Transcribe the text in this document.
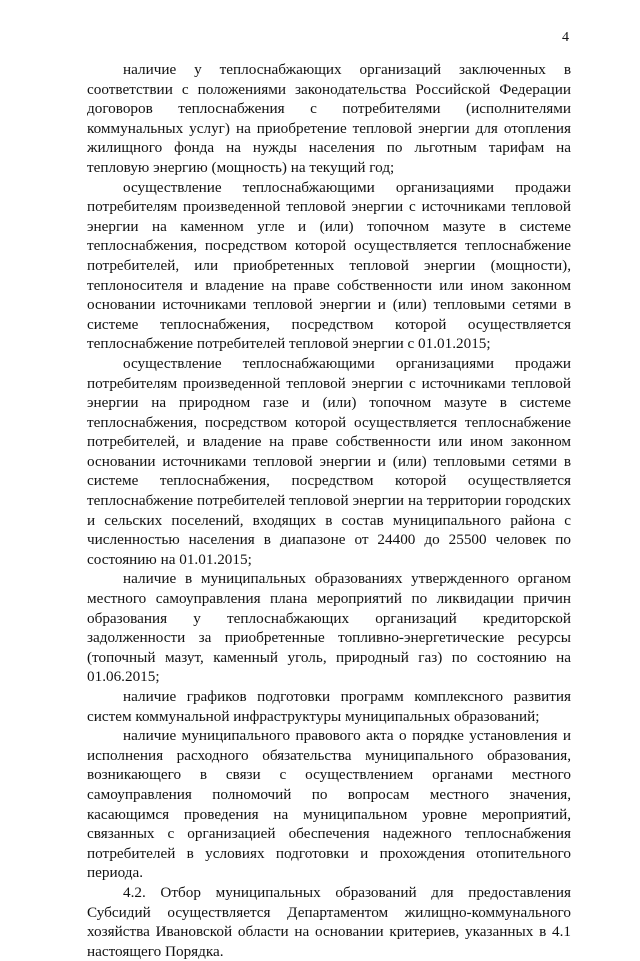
4

наличие у теплоснабжающих организаций заключенных в соответствии с положениями законодательства Российской Федерации договоров теплоснабжения с потребителями (исполнителями коммунальных услуг) на приобретение тепловой энергии для отопления жилищного фонда на нужды населения по льготным тарифам на тепловую энергию (мощность) на текущий год;

осуществление теплоснабжающими организациями продажи потребителям произведенной тепловой энергии с источниками тепловой энергии на каменном угле и (или) топочном мазуте в системе теплоснабжения, посредством которой осуществляется теплоснабжение потребителей, или приобретенных тепловой энергии (мощности), теплоносителя и владение на праве собственности или ином законном основании источниками тепловой энергии и (или) тепловыми сетями в системе теплоснабжения, посредством которой осуществляется теплоснабжение потребителей тепловой энергии с 01.01.2015;

осуществление теплоснабжающими организациями продажи потребителям произведенной тепловой энергии с источниками тепловой энергии на природном газе и (или) топочном мазуте в системе теплоснабжения, посредством которой осуществляется теплоснабжение потребителей, и владение на праве собственности или ином законном основании источниками тепловой энергии и (или) тепловыми сетями в системе теплоснабжения, посредством которой осуществляется теплоснабжение потребителей тепловой энергии на территории городских и сельских поселений, входящих в состав муниципального района с численностью населения в диапазоне от 24400 до 25500 человек по состоянию на 01.01.2015;

наличие в муниципальных образованиях утвержденного органом местного самоуправления плана мероприятий по ликвидации причин образования у теплоснабжающих организаций кредиторской задолженности за приобретенные топливно-энергетические ресурсы (топочный мазут, каменный уголь, природный газ) по состоянию на 01.06.2015;

наличие графиков подготовки программ комплексного развития систем коммунальной инфраструктуры муниципальных образований;

наличие муниципального правового акта о порядке установления и исполнения расходного обязательства муниципального образования, возникающего в связи с осуществлением органами местного самоуправления полномочий по вопросам местного значения, касающимся проведения на муниципальном уровне мероприятий, связанных с организацией обеспечения надежного теплоснабжения потребителей в условиях подготовки и прохождения отопительного периода.

4.2. Отбор муниципальных образований для предоставления Субсидий осуществляется Департаментом жилищно-коммунального хозяйства Ивановской области на основании критериев, указанных в 4.1 настоящего Порядка.
